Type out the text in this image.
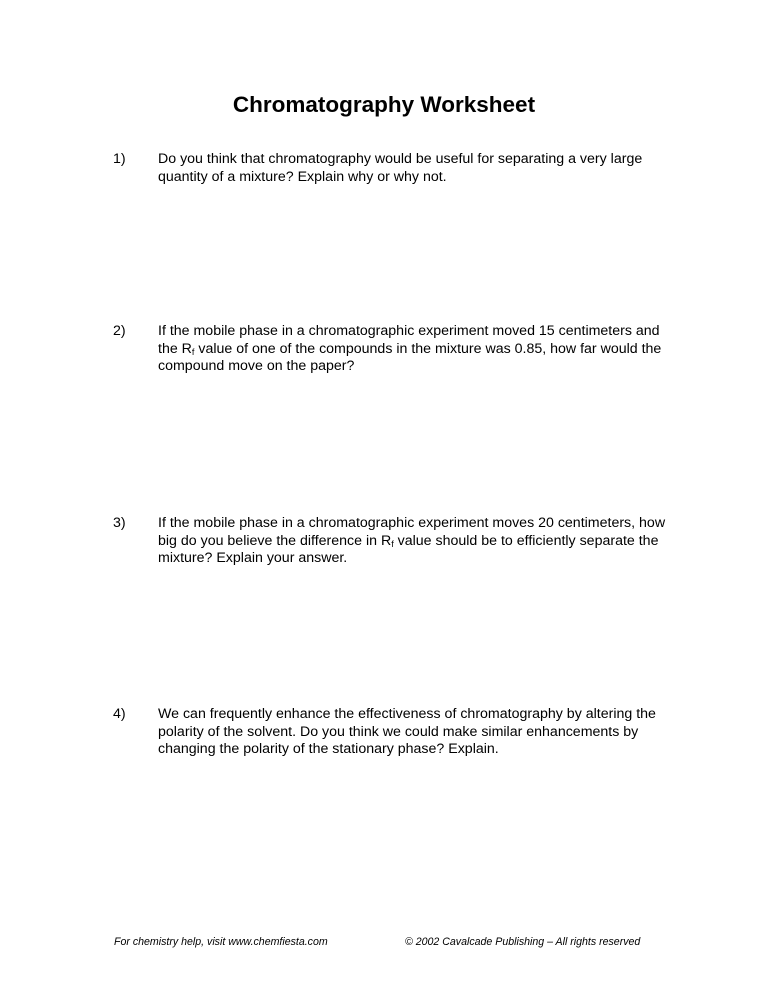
Chromatography Worksheet
1)	Do you think that chromatography would be useful for separating a very large quantity of a mixture? Explain why or why not.
2)	If the mobile phase in a chromatographic experiment moved 15 centimeters and the $R_f$ value of one of the compounds in the mixture was 0.85, how far would the compound move on the paper?
3)	If the mobile phase in a chromatographic experiment moves 20 centimeters, how big do you believe the difference in $R_f$ value should be to efficiently separate the mixture? Explain your answer.
4)	We can frequently enhance the effectiveness of chromatography by altering the polarity of the solvent. Do you think we could make similar enhancements by changing the polarity of the stationary phase? Explain.
For chemistry help, visit www.chemfiesta.com	© 2002 Cavalcade Publishing – All rights reserved
